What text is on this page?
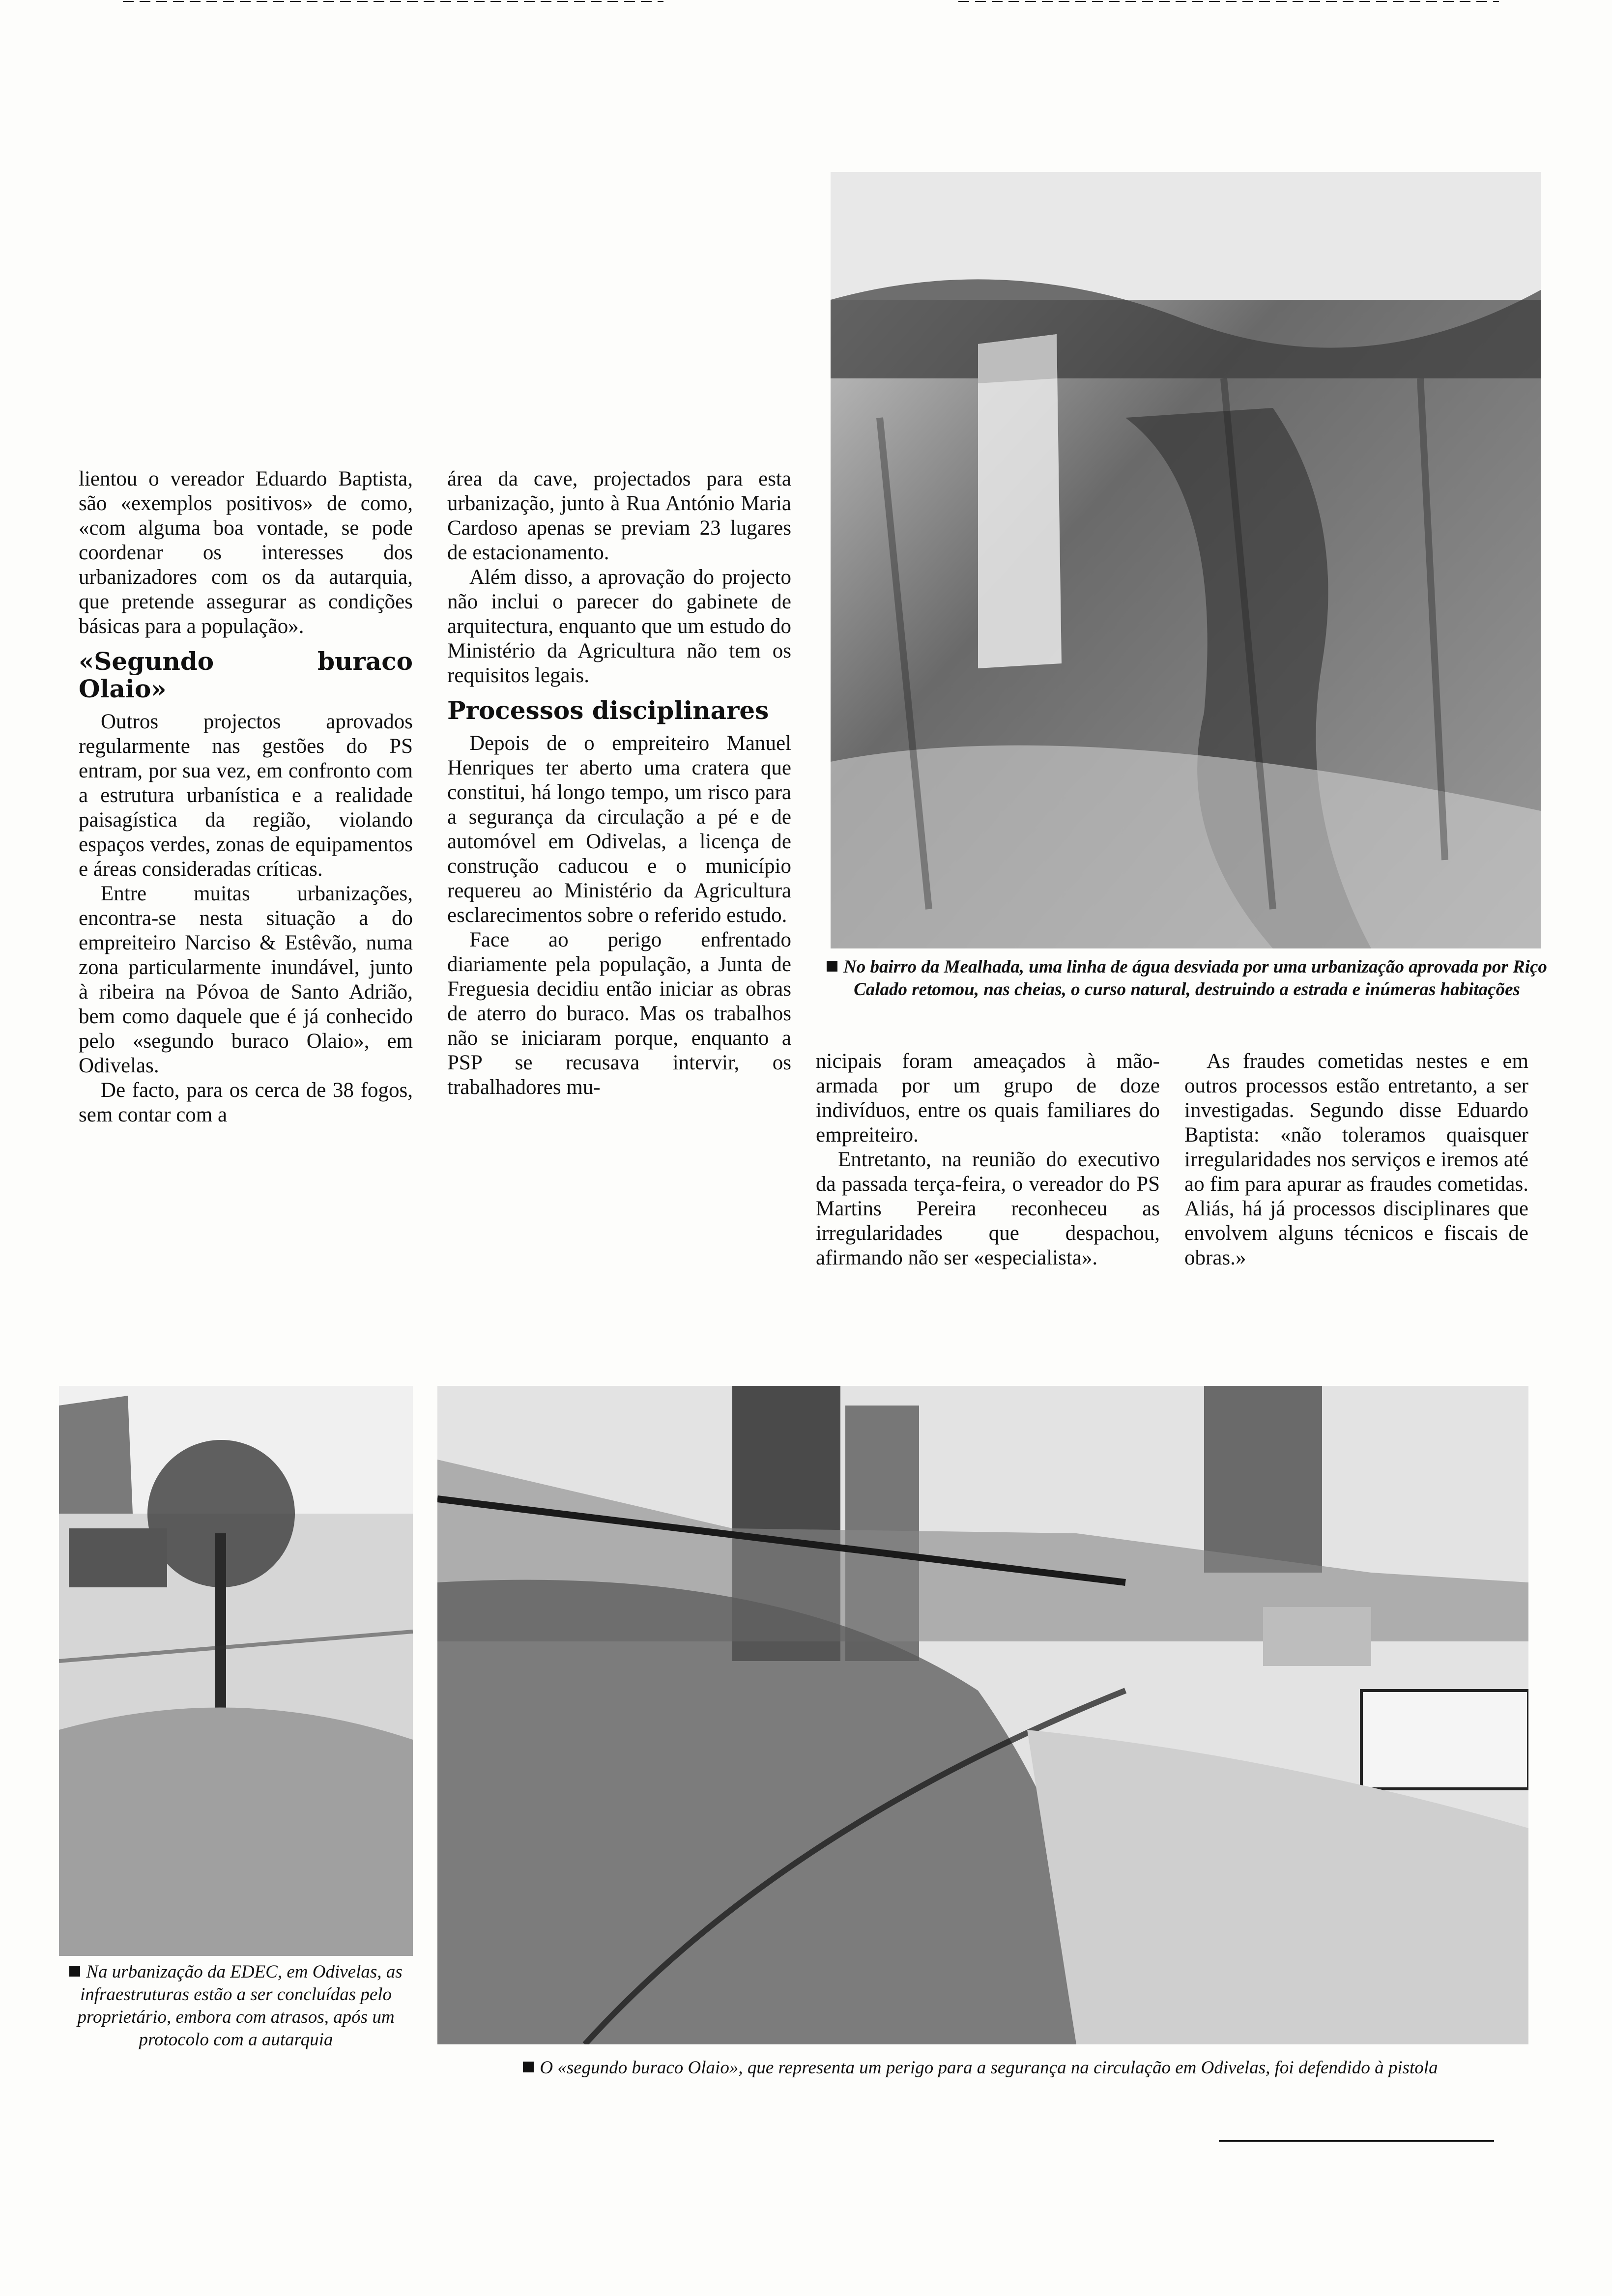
lientou o vereador Eduardo Baptista, são «exemplos positivos» de como, «com alguma boa vontade, se pode coordenar os interesses dos urbanizadores com os da autarquia, que pretende assegurar as condições básicas para a população».

«Segundo buraco Olaio»

Outros projectos aprovados regularmente nas gestões do PS entram, por sua vez, em confronto com a estrutura urbanística e a realidade paisagística da região, violando espaços verdes, zonas de equipamentos e áreas consideradas críticas.

Entre muitas urbanizações, encontra-se nesta situação a do empreiteiro Narciso & Estêvão, numa zona particularmente inundável, junto à ribeira na Póvoa de Santo Adrião, bem como daquele que é já conhecido pelo «segundo buraco Olaio», em Odivelas.

De facto, para os cerca de 38 fogos, sem contar com a

área da cave, projectados para esta urbanização, junto à Rua António Maria Cardoso apenas se previam 23 lugares de estacionamento.

Além disso, a aprovação do projecto não inclui o parecer do gabinete de arquitectura, enquanto que um estudo do Ministério da Agricultura não tem os requisitos legais.

Processos disciplinares

Depois de o empreiteiro Manuel Henriques ter aberto uma cratera que constitui, há longo tempo, um risco para a segurança da circulação a pé e de automóvel em Odivelas, a licença de construção caducou e o município requereu ao Ministério da Agricultura esclarecimentos sobre o referido estudo.

Face ao perigo enfrentado diariamente pela população, a Junta de Freguesia decidiu então iniciar as obras de aterro do buraco. Mas os trabalhos não se iniciaram porque, enquanto a PSP se recusava intervir, os trabalhadores mu-

No bairro da Mealhada, uma linha de água desviada por uma urbanização aprovada por Riço Calado retomou, nas cheias, o curso natural, destruindo a estrada e inúmeras habitações

nicipais foram ameaçados à mão-armada por um grupo de doze indivíduos, entre os quais familiares do empreiteiro.

Entretanto, na reunião do executivo da passada terça-feira, o vereador do PS Martins Pereira reconheceu as irregularidades que despachou, afirmando não ser «especialista».

As fraudes cometidas nestes e em outros processos estão entretanto, a ser investigadas. Segundo disse Eduardo Baptista: «não toleramos quaisquer irregularidades nos serviços e iremos até ao fim para apurar as fraudes cometidas. Aliás, há já processos disciplinares que envolvem alguns técnicos e fiscais de obras.»

Na urbanização da EDEC, em Odivelas, as infraestruturas estão a ser concluídas pelo proprietário, embora com atrasos, após um protocolo com a autarquia
O «segundo buraco Olaio», que representa um perigo para a segurança na circulação em Odivelas, foi defendido à pistola
